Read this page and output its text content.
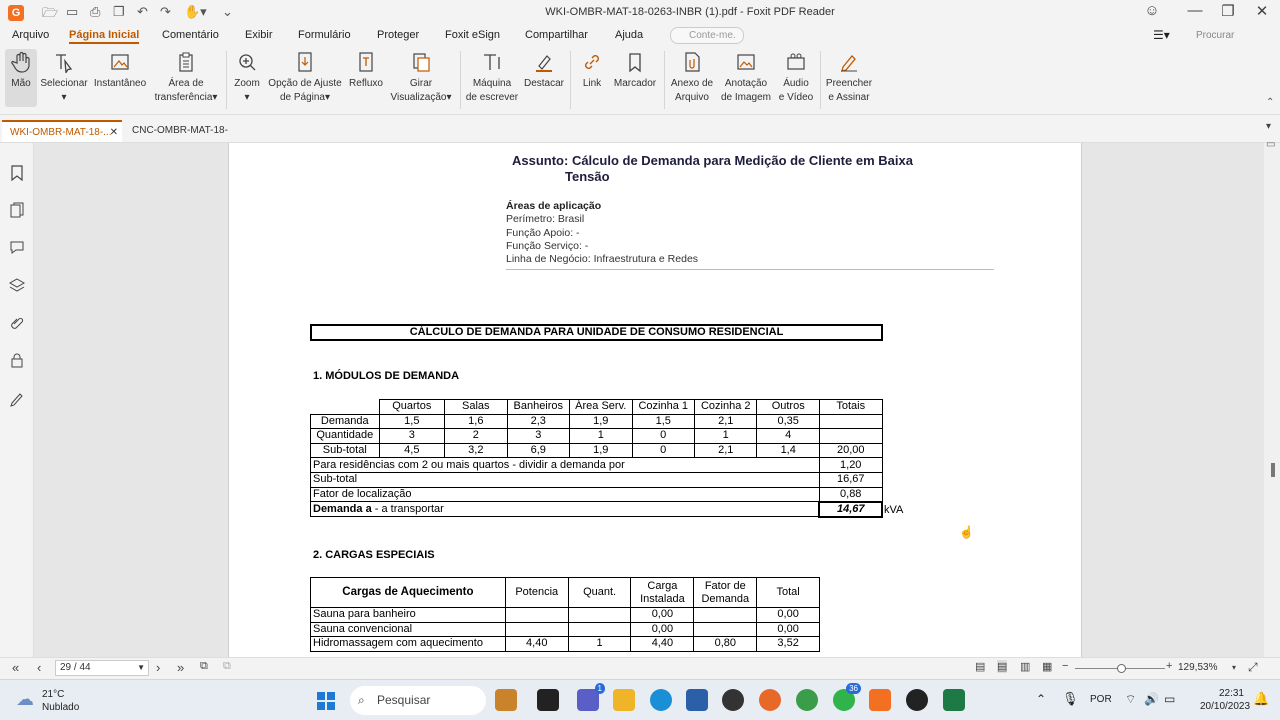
G 🗁 ▭ ⎙ ❐ ↶ ↷ ✋▾ ⌄	WKI-OMBR-MAT-18-0263-INBR (1).pdf - Foxit PDF Reader	☺	—	❐	✕
Arquivo Página Inicial Comentário Exibir Formulário Proteger Foxit eSign Compartilhar Ajuda	Conte-me.	☰▾	Procurar
Mão Selecionar
▾
Instantâneo	Área de
transferência▾
Zoom
▾
Opção de Ajuste
de Página▾
Refluxo	Girar
Visualização▾
Máquina
de escrever
Destacar	Link	Marcador	Anexo de
Arquivo
Anotação
de Imagem
Áudio
e Vídeo
Preencher
e Assinar	⌃
WKI-OMBR-MAT-18-...
✕	CNC-OMBR-MAT-18-	▾
Assunto: Cálculo de Demanda para Medição de Cliente em Baixa
Tensão
Áreas de aplicação
Perímetro: Brasil
Função Apoio: -
Função Serviço: -
Linha de Negócio: Infraestrutura e Redes
CÁLCULO DE DEMANDA PARA UNIDADE DE CONSUMO RESIDENCIAL
1. MÓDULOS DE DEMANDA
	Quartos	Salas	Banheiros	Área Serv.	Cozinha 1	Cozinha 2	Outros	Totais
Demanda	1,5	1,6	2,3	1,9	1,5	2,1	0,35	
Quantidade	3	2	3	1	0	1	4	
Sub-total	4,5	3,2	6,9	1,9	0	2,1	1,4	20,00
Para residências com 2 ou mais quartos - dividir a demanda por								1,20
Sub-total								16,67
Fator de localização								0,88
Demanda a - a transportar								14,67 kVA
☝
2. CARGAS ESPECIAIS
Cargas de Aquecimento	Potencia	Quant.	Carga Instalada	Fator de Demanda	Total
Sauna para banheiro			0,00		0,00
Sauna convencional			0,00		0,00
Hidromassagem com aquecimento	4,40	1	4,40	0,80	3,52
▭
« ‹	29 / 44	▼ › » ⧉ ⧉	▤ ▤ ▥ ▦ −	+ 129,53% ▾ ⤢
☁ 21°C
Nublado
⌕ Pesquisar
1	36
⌃ 🎙 POR ⌔ 🔊 ▭	22:31
20/10/2023
🔔
